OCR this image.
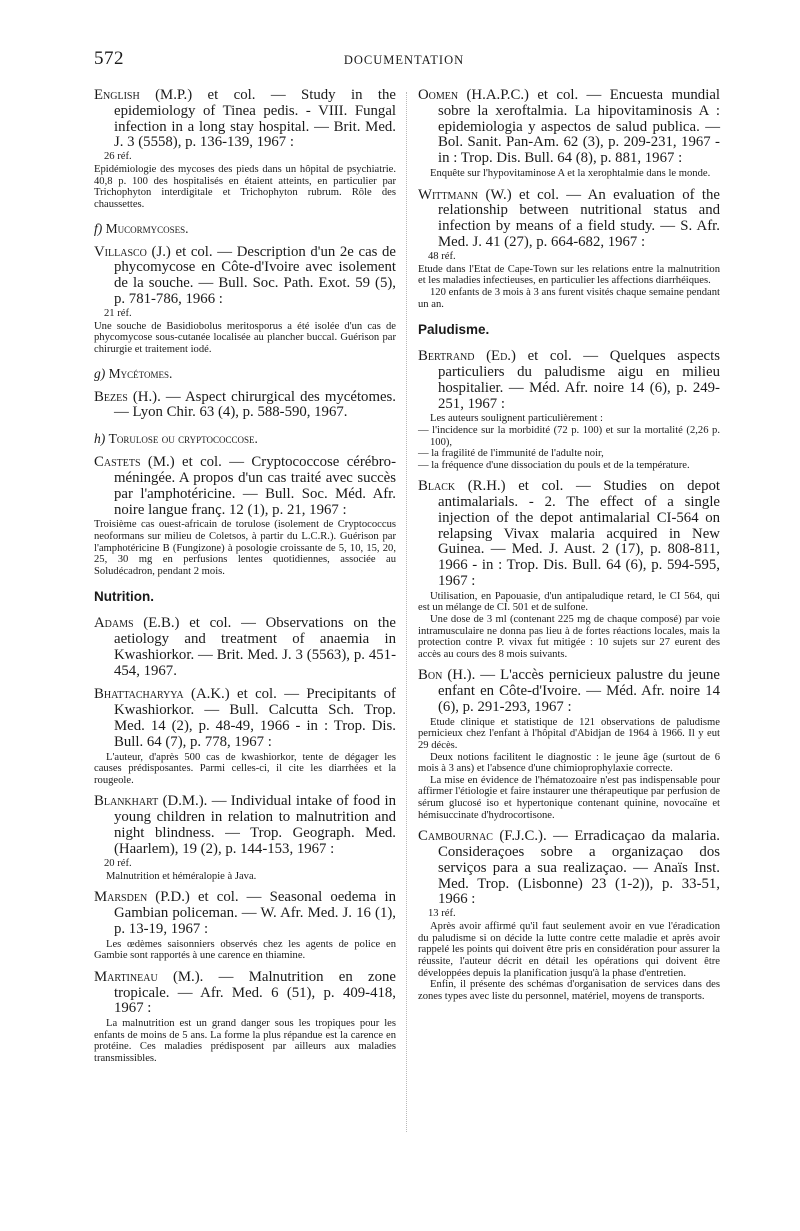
572	DOCUMENTATION
English (M.P.) et col. — Study in the epidemiology of Tinea pedis. - VIII. Fungal infection in a long stay hospital. — Brit. Med. J. 3 (5558), p. 136-139, 1967 :
26 réf.

Epidémiologie des mycoses des pieds dans un hôpital de psychiatrie. 40,8 p. 100 des hospitalisés en étaient atteints, en particulier par Trichophyton interdigitale et Trichophyton rubrum. Rôle des chaussettes.

f) Mucormycoses.
Villasco (J.) et col. — Description d'un 2e cas de phycomycose en Côte-d'Ivoire avec isolement de la souche. — Bull. Soc. Path. Exot. 59 (5), p. 781-786, 1966 :
21 réf.

Une souche de Basidiobolus meritosporus a été isolée d'un cas de phycomycose sous-cutanée localisée au plancher buccal. Guérison par chirurgie et traitement iodé.

g) Mycétomes.
Bezes (H.). — Aspect chirurgical des mycétomes. — Lyon Chir. 63 (4), p. 588-590, 1967.
h) Torulose ou cryptococcose.
Castets (M.) et col. — Cryptococcose cérébro-méningée. A propos d'un cas traité avec succès par l'amphotéricine. — Bull. Soc. Méd. Afr. noire langue franç. 12 (1), p. 21, 1967 :

Troisième cas ouest-africain de torulose (isolement de Cryptococcus neoformans sur milieu de Coletsos, à partir du L.C.R.). Guérison par l'amphotéricine B (Fungizone) à posologie croissante de 5, 10, 15, 20, 25, 30 mg en perfusions lentes quotidiennes, associée au Soludécadron, pendant 2 mois.

Nutrition.
Adams (E.B.) et col. — Observations on the aetiology and treatment of anaemia in Kwashiorkor. — Brit. Med. J. 3 (5563), p. 451-454, 1967.
Bhattacharyya (A.K.) et col. — Precipitants of Kwashiorkor. — Bull. Calcutta Sch. Trop. Med. 14 (2), p. 48-49, 1966 - in : Trop. Dis. Bull. 64 (7), p. 778, 1967 :

L'auteur, d'après 500 cas de kwashiorkor, tente de dégager les causes prédisposantes. Parmi celles-ci, il cite les diarrhées et la rougeole.

Blankhart (D.M.). — Individual intake of food in young children in relation to malnutrition and night blindness. — Trop. Geograph. Med. (Haarlem), 19 (2), p. 144-153, 1967 :
20 réf.

Malnutrition et héméralopie à Java.

Marsden (P.D.) et col. — Seasonal oedema in Gambian policeman. — W. Afr. Med. J. 16 (1), p. 13-19, 1967 :

Les œdèmes saisonniers observés chez les agents de police en Gambie sont rapportés à une carence en thiamine.

Martineau (M.). — Malnutrition en zone tropicale. — Afr. Med. 6 (51), p. 409-418, 1967 :

La malnutrition est un grand danger sous les tropiques pour les enfants de moins de 5 ans. La forme la plus répandue est la carence en protéine. Ces maladies prédisposent par ailleurs aux maladies transmissibles.

Oomen (H.A.P.C.) et col. — Encuesta mundial sobre la xeroftalmia. La hipovitaminosis A : epidemiologia y aspectos de salud publica. — Bol. Sanit. Pan-Am. 62 (3), p. 209-231, 1967 - in : Trop. Dis. Bull. 64 (8), p. 881, 1967 :

Enquête sur l'hypovitaminose A et la xerophtalmie dans le monde.

Wittmann (W.) et col. — An evaluation of the relationship between nutritional status and infection by means of a field study. — S. Afr. Med. J. 41 (27), p. 664-682, 1967 :
48 réf.

Etude dans l'Etat de Cape-Town sur les relations entre la malnutrition et les maladies infectieuses, en particulier les affections diarrhéiques.

120 enfants de 3 mois à 3 ans furent visités chaque semaine pendant un an.

Paludisme.
Bertrand (Ed.) et col. — Quelques aspects particuliers du paludisme aigu en milieu hospitalier. — Méd. Afr. noire 14 (6), p. 249-251, 1967 :

Les auteurs soulignent particulièrement :

— l'incidence sur la morbidité (72 p. 100) et sur la mortalité (2,26 p. 100),

— la fragilité de l'immunité de l'adulte noir,

— la fréquence d'une dissociation du pouls et de la température.

Black (R.H.) et col. — Studies on depot antimalarials. - 2. The effect of a single injection of the depot antimalarial CI-564 on relapsing Vivax malaria acquired in New Guinea. — Med. J. Aust. 2 (17), p. 808-811, 1966 - in : Trop. Dis. Bull. 64 (6), p. 594-595, 1967 :

Utilisation, en Papouasie, d'un antipaludique retard, le CI 564, qui est un mélange de CI. 501 et de sulfone.

Une dose de 3 ml (contenant 225 mg de chaque composé) par voie intramusculaire ne donna pas lieu à de fortes réactions locales, mais la protection contre P. vivax fut mitigée : 10 sujets sur 27 eurent des accès au cours des 8 mois suivants.

Bon (H.). — L'accès pernicieux palustre du jeune enfant en Côte-d'Ivoire. — Méd. Afr. noire 14 (6), p. 291-293, 1967 :

Etude clinique et statistique de 121 observations de paludisme pernicieux chez l'enfant à l'hôpital d'Abidjan de 1964 à 1966. Il y eut 29 décès.

Deux notions facilitent le diagnostic : le jeune âge (surtout de 6 mois à 3 ans) et l'absence d'une chimioprophylaxie correcte.

La mise en évidence de l'hématozoaire n'est pas indispensable pour affirmer l'étiologie et faire instaurer une thérapeutique par perfusion de sérum glucosé iso et hypertonique contenant quinine, novocaïne et hémisuccinate d'hydrocortisone.

Cambournac (F.J.C.). — Erradicaçao da malaria. Consideraçoes sobre a organizaçao dos serviços para a sua realizaçao. — Anaïs Inst. Med. Trop. (Lisbonne) 23 (1-2)), p. 33-51, 1966 :
13 réf.

Après avoir affirmé qu'il faut seulement avoir en vue l'éradication du paludisme si on décide la lutte contre cette maladie et après avoir rappelé les points qui doivent être pris en considération pour assurer la réussite, l'auteur décrit en détail les opérations qui doivent être développées depuis la planification jusqu'à la phase d'entretien.

Enfin, il présente des schémas d'organisation de services dans des zones types avec liste du personnel, matériel, moyens de transports.
